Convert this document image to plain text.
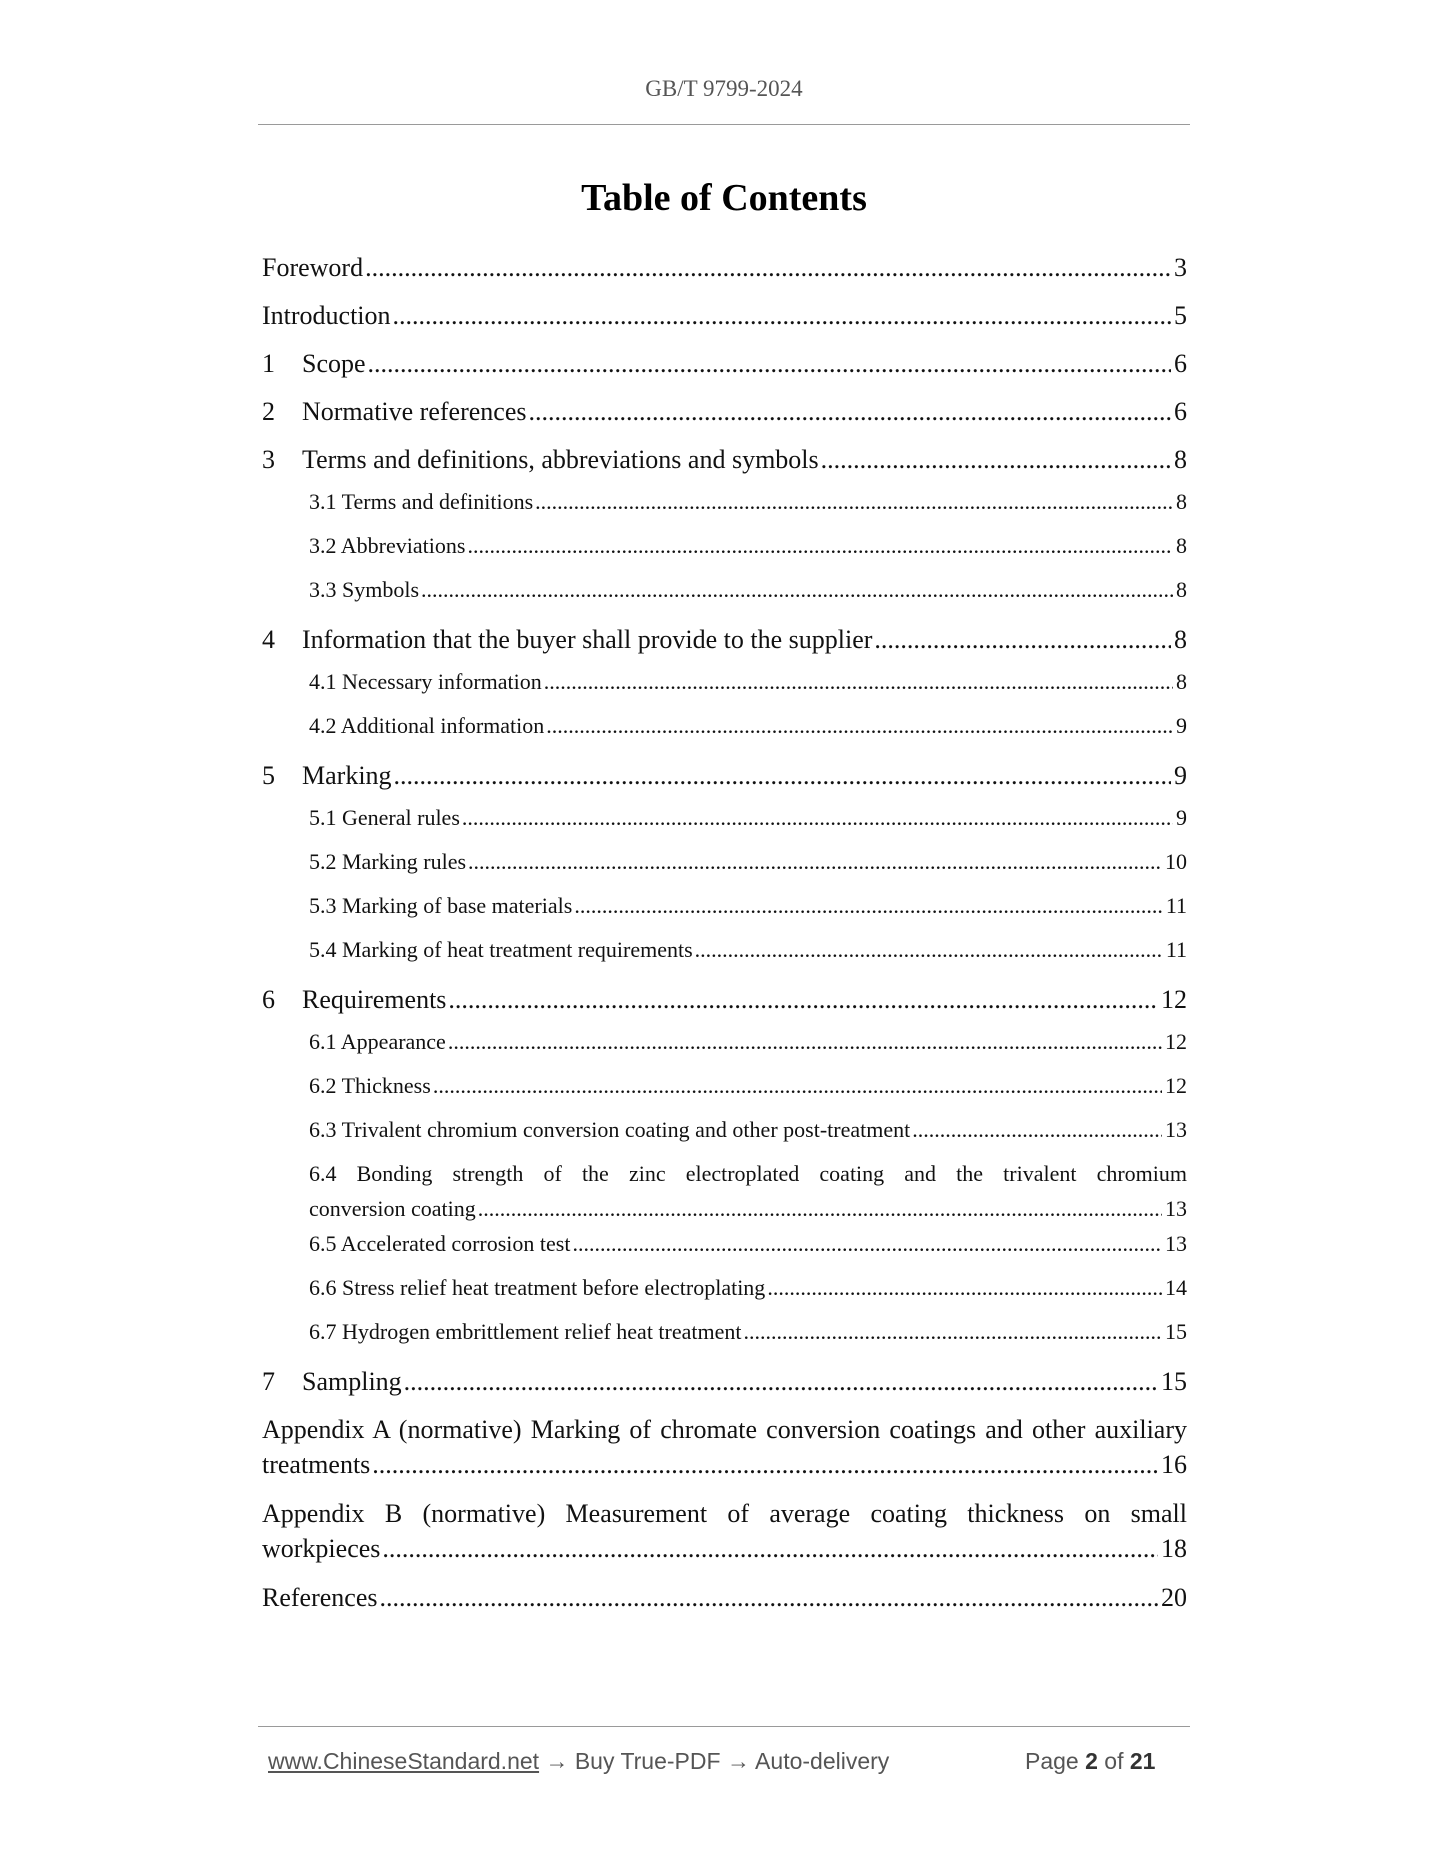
GB/T 9799-2024
Table of Contents
Foreword .....	3
Introduction .....	5
1 Scope .....	6
2 Normative references .....	6
3 Terms and definitions, abbreviations and symbols .....	8
3.1 Terms and definitions .....	8
3.2 Abbreviations .....	8
3.3 Symbols .....	8
4 Information that the buyer shall provide to the supplier .....	8
4.1 Necessary information .....	8
4.2 Additional information .....	9
5 Marking .....	9
5.1 General rules .....	9
5.2 Marking rules .....	10
5.3 Marking of base materials .....	11
5.4 Marking of heat treatment requirements .....	11
6 Requirements .....	12
6.1 Appearance .....	12
6.2 Thickness .....	12
6.3 Trivalent chromium conversion coating and other post-treatment .....	13
6.4 Bonding strength of the zinc electroplated coating and the trivalent chromium
conversion coating .....	13
6.5 Accelerated corrosion test .....	13
6.6 Stress relief heat treatment before electroplating .....	14
6.7 Hydrogen embrittlement relief heat treatment .....	15
7 Sampling .....	15
Appendix A (normative) Marking of chromate conversion coatings and other auxiliary
treatments .....	16
Appendix B (normative) Measurement of average coating thickness on small
workpieces .....	18
References .....	20
www.ChineseStandard.net → Buy True-PDF → Auto-delivery	Page 2 of 21
